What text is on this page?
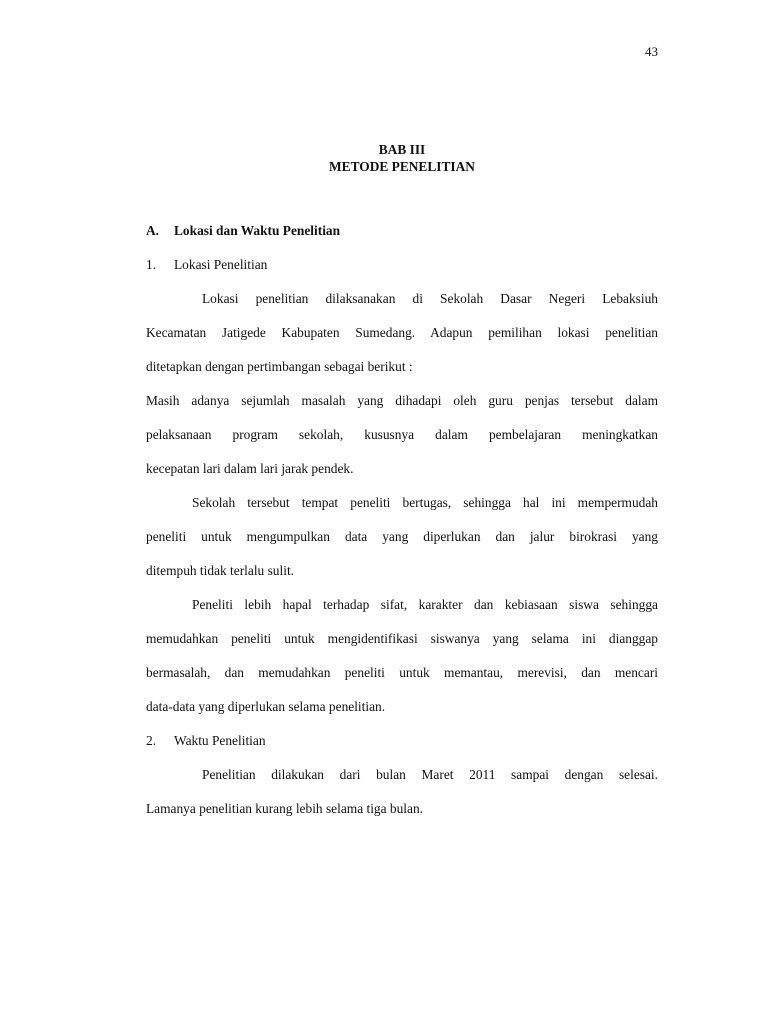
43
BAB III
METODE PENELITIAN
A. Lokasi dan Waktu Penelitian
1. Lokasi Penelitian
Lokasi penelitian dilaksanakan di Sekolah Dasar Negeri Lebaksiuh
Kecamatan Jatigede Kabupaten Sumedang. Adapun pemilihan lokasi penelitian
ditetapkan dengan pertimbangan sebagai berikut :
Masih adanya sejumlah masalah yang dihadapi oleh guru penjas tersebut dalam
pelaksanaan program sekolah, kususnya dalam pembelajaran meningkatkan
kecepatan lari dalam lari jarak pendek.
Sekolah tersebut tempat peneliti bertugas, sehingga hal ini mempermudah
peneliti untuk mengumpulkan data yang diperlukan dan jalur birokrasi yang
ditempuh tidak terlalu sulit.
Peneliti lebih hapal terhadap sifat, karakter dan kebiasaan siswa sehingga
memudahkan peneliti untuk mengidentifikasi siswanya yang selama ini dianggap
bermasalah, dan memudahkan peneliti untuk memantau, merevisi, dan mencari
data-data yang diperlukan selama penelitian.
2. Waktu Penelitian
Penelitian dilakukan dari bulan Maret 2011 sampai dengan selesai.
Lamanya penelitian kurang lebih selama tiga bulan.
